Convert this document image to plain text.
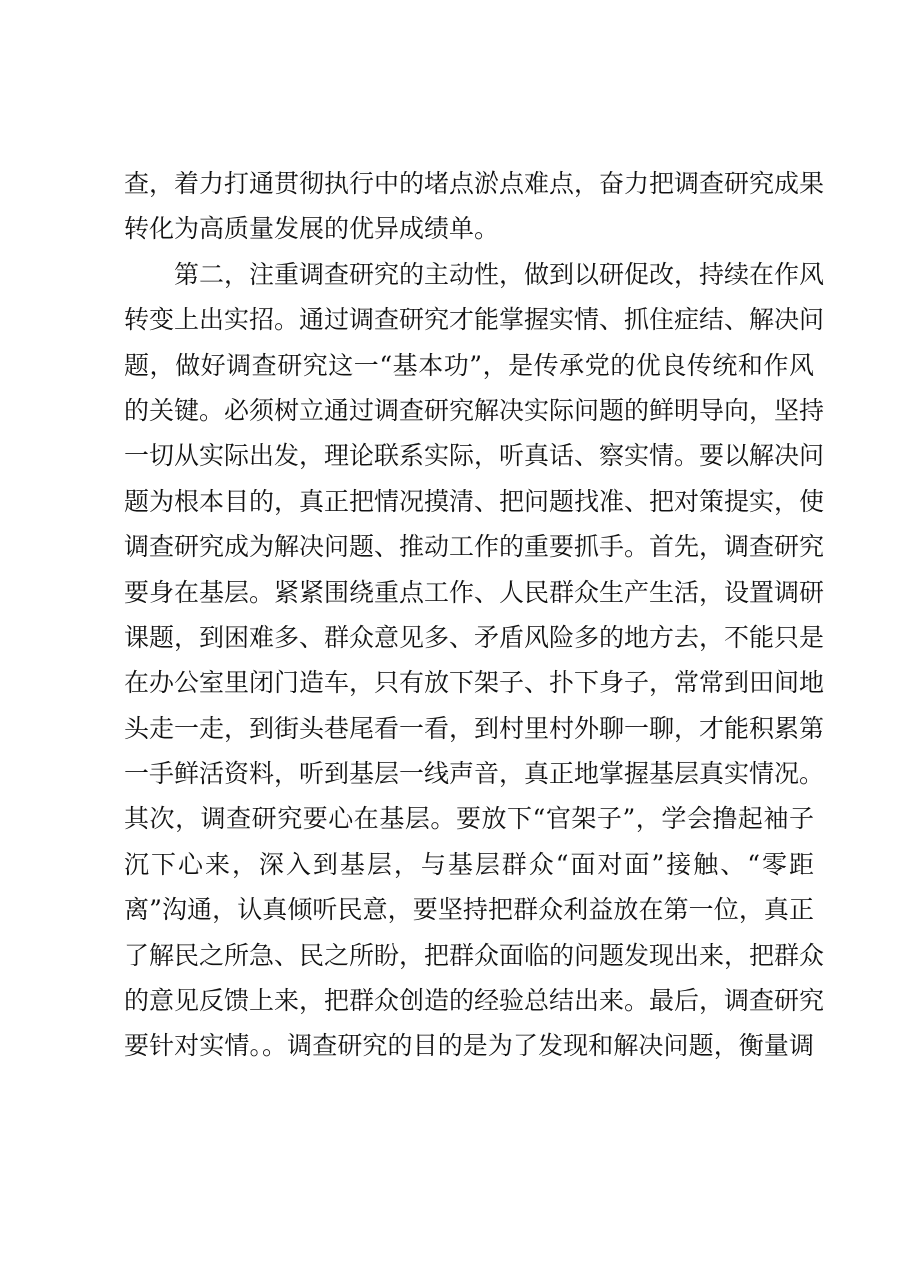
查，着力打通贯彻执行中的堵点淤点难点，奋力把调查研究成果
转化为高质量发展的优异成绩单。
第二，注重调查研究的主动性，做到以研促改，持续在作风
转变上出实招。通过调查研究才能掌握实情、抓住症结、解决问
题，做好调查研究这一“基本功”，是传承党的优良传统和作风
的关键。必须树立通过调查研究解决实际问题的鲜明导向，坚持
一切从实际出发，理论联系实际，听真话、察实情。要以解决问
题为根本目的，真正把情况摸清、把问题找准、把对策提实，使
调查研究成为解决问题、推动工作的重要抓手。首先，调查研究
要身在基层。紧紧围绕重点工作、人民群众生产生活，设置调研
课题，到困难多、群众意见多、矛盾风险多的地方去，不能只是
在办公室里闭门造车，只有放下架子、扑下身子，常常到田间地
头走一走，到街头巷尾看一看，到村里村外聊一聊，才能积累第
一手鲜活资料，听到基层一线声音，真正地掌握基层真实情况。
其次，调查研究要心在基层。要放下“官架子”，学会撸起袖子
沉下心来，深入到基层，与基层群众“面对面”接触、“零距
离”沟通，认真倾听民意，要坚持把群众利益放在第一位，真正
了解民之所急、民之所盼，把群众面临的问题发现出来，把群众
的意见反馈上来，把群众创造的经验总结出来。最后，调查研究
要针对实情。。调查研究的目的是为了发现和解决问题，衡量调
